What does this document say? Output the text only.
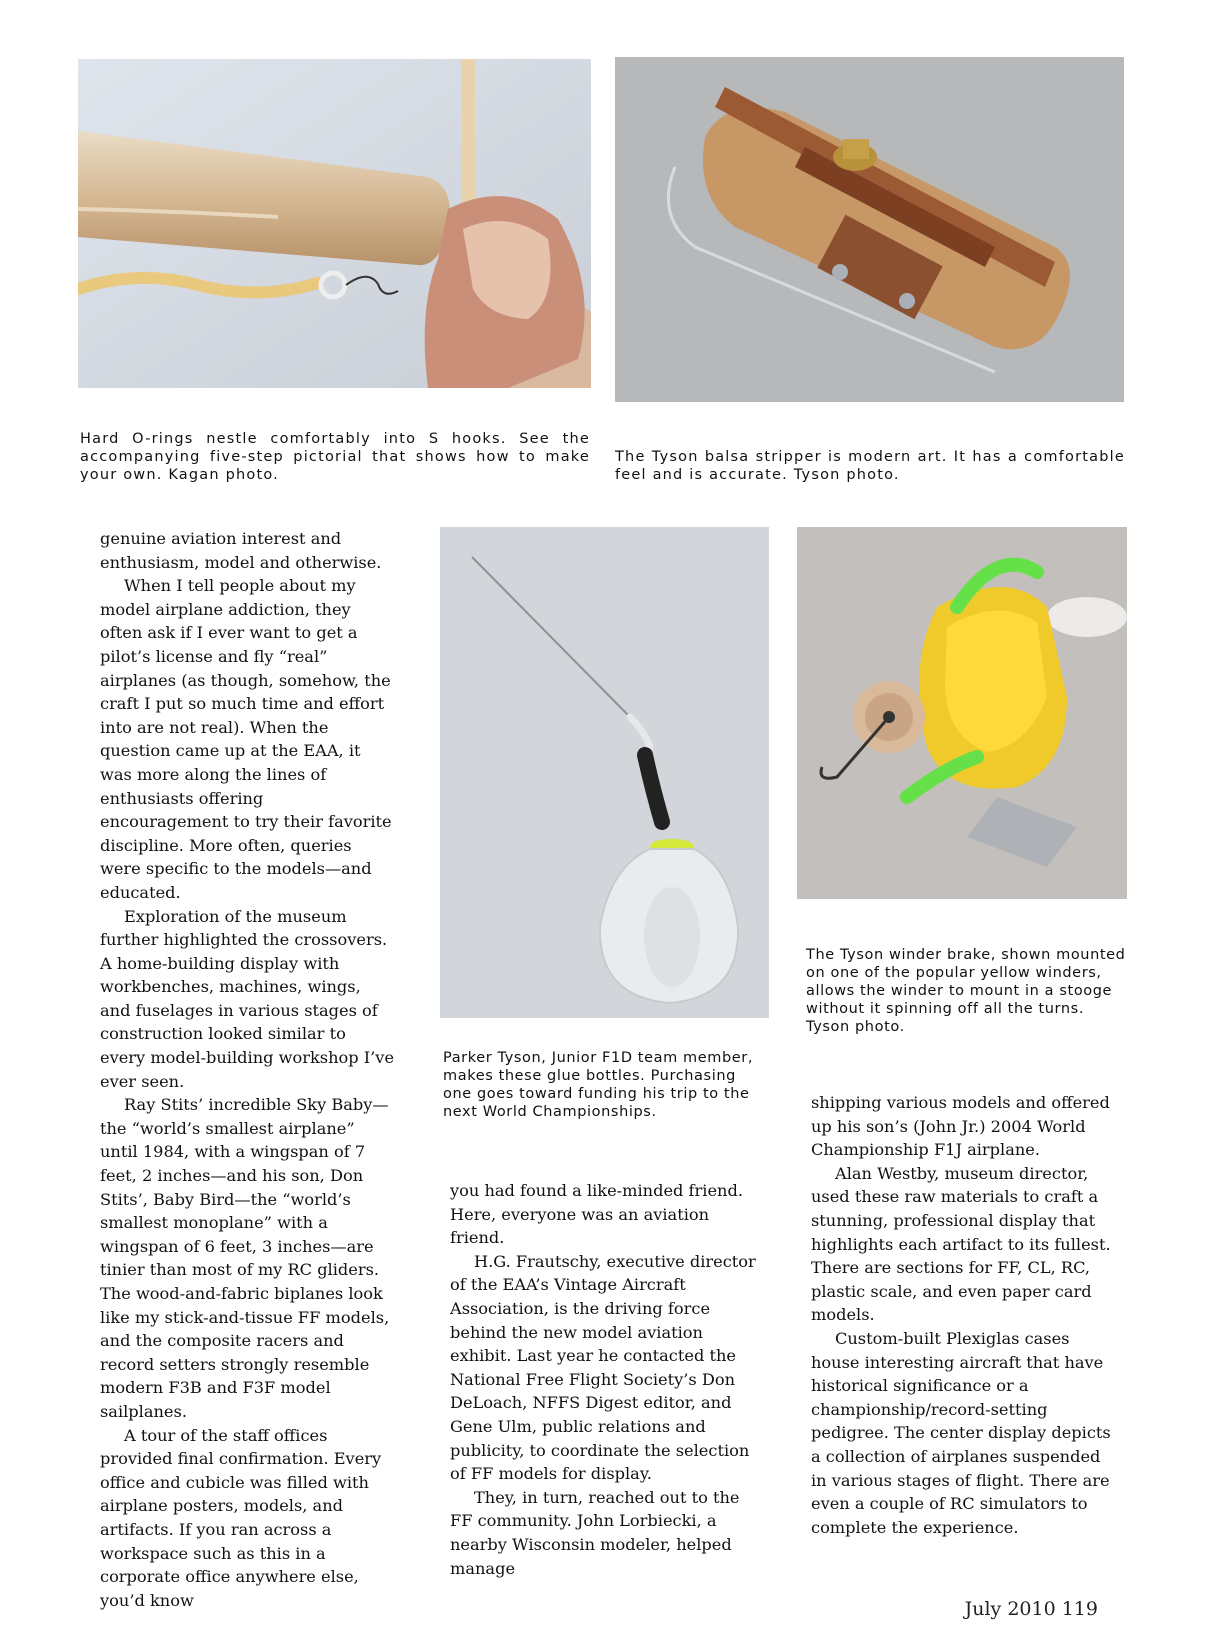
Hard O-rings nestle comfortably into S hooks. See the accompanying five-step pictorial that shows how to make your own. Kagan photo.
The Tyson balsa stripper is modern art. It has a comfortable feel and is accurate. Tyson photo.

genuine aviation interest and enthusiasm, model and otherwise.

When I tell people about my model airplane addiction, they often ask if I ever want to get a pilot’s license and fly “real” airplanes (as though, somehow, the craft I put so much time and effort into are not real). When the question came up at the EAA, it was more along the lines of enthusiasts offering encouragement to try their favorite discipline. More often, queries were specific to the models—and educated.

Exploration of the museum further highlighted the crossovers. A home-building display with workbenches, machines, wings, and fuselages in various stages of construction looked similar to every model-building workshop I’ve ever seen.

Ray Stits’ incredible Sky Baby—the “world’s smallest airplane” until 1984, with a wingspan of 7 feet, 2 inches—and his son, Don Stits’, Baby Bird—the “world’s smallest monoplane” with a wingspan of 6 feet, 3 inches—are tinier than most of my RC gliders. The wood-and-fabric biplanes look like my stick-and-tissue FF models, and the composite racers and record setters strongly resemble modern F3B and F3F model sailplanes.

A tour of the staff offices provided final confirmation. Every office and cubicle was filled with airplane posters, models, and artifacts. If you ran across a workspace such as this in a corporate office anywhere else, you’d know

Parker Tyson, Junior F1D team member, makes these glue bottles. Purchasing one goes toward funding his trip to the next World Championships.

you had found a like-minded friend. Here, everyone was an aviation friend.

H.G. Frautschy, executive director of the EAA’s Vintage Aircraft Association, is the driving force behind the new model aviation exhibit. Last year he contacted the National Free Flight Society’s Don DeLoach, NFFS Digest editor, and Gene Ulm, public relations and publicity, to coordinate the selection of FF models for display.

They, in turn, reached out to the FF community. John Lorbiecki, a nearby Wisconsin modeler, helped manage

The Tyson winder brake, shown mounted on one of the popular yellow winders, allows the winder to mount in a stooge without it spinning off all the turns. Tyson photo.

shipping various models and offered up his son’s (John Jr.) 2004 World Championship F1J airplane.

Alan Westby, museum director, used these raw materials to craft a stunning, professional display that highlights each artifact to its fullest. There are sections for FF, CL, RC, plastic scale, and even paper card models.

Custom-built Plexiglas cases house interesting aircraft that have historical significance or a championship/record-setting pedigree. The center display depicts a collection of airplanes suspended in various stages of flight. There are even a couple of RC simulators to complete the experience.

July 2010 119
